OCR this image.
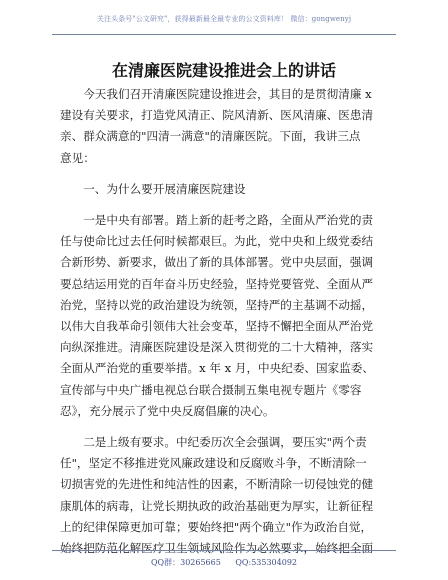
关注头条号"公文研究"，获得最新最全最专业的公文资料库！ 微信：gongwenyj
在清廉医院建设推进会上的讲话
今天我们召开清廉医院建设推进会，其目的是贯彻清廉 x
建设有关要求，打造党风清正、院风清新、医风清廉、医患清
亲、群众满意的"四清一满意"的清廉医院。下面，我讲三点
意见：
一、为什么要开展清廉医院建设
一是中央有部署。踏上新的赶考之路，全面从严治党的责
任与使命比过去任何时候都艰巨。为此，党中央和上级党委结
合新形势、新要求，做出了新的具体部署。党中央层面，强调
要总结运用党的百年奋斗历史经验，坚持党要管党、全面从严
治党，坚持以党的政治建设为统领，坚持严的主基调不动摇，
以伟大自我革命引领伟大社会变革，坚持不懈把全面从严治党
向纵深推进。清廉医院建设是深入贯彻党的二十大精神，落实
全面从严治党的重要举措。x 年 x 月，中央纪委、国家监委、
宣传部与中央广播电视总台联合摄制五集电视专题片《零容
忍》，充分展示了党中央反腐倡廉的决心。
二是上级有要求。中纪委历次全会强调，要压实"两个责
任"，坚定不移推进党风廉政建设和反腐败斗争，不断清除一
切损害党的先进性和纯洁性的因素，不断清除一切侵蚀党的健
康肌体的病毒，让党长期执政的政治基础更为厚实，让新征程
上的纪律保障更加可靠；要始终把"两个确立"作为政治自觉，
始终把防范化解医疗卫生领域风险作为必然要求，始终把全面
QQ群：30265665 QQ:535304092
